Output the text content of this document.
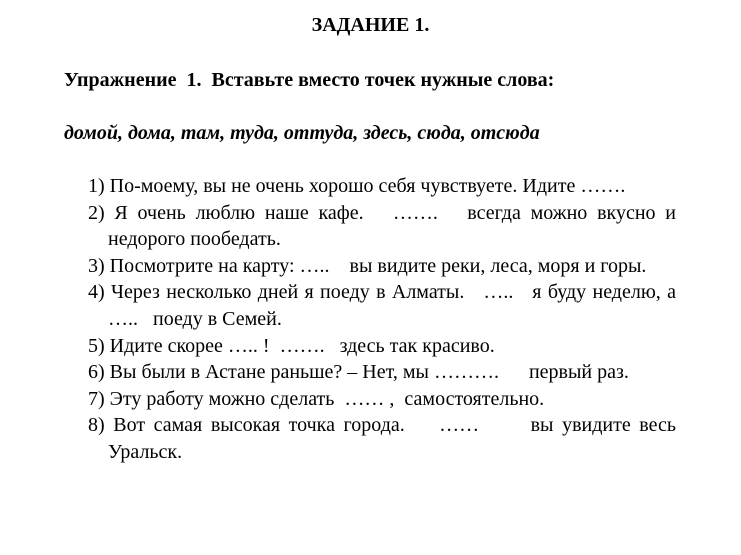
ЗАДАНИЕ 1.

Упражнение  1.  Вставьте вместо точек нужные слова:

домой, дома, там, туда, оттуда, здесь, сюда, отсюда

1) По-моему, вы не очень хорошо себя чувствуете. Идите …….
2) Я очень люблю наше кафе.   …….   всегда можно вкусно и недорого пообедать.
3) Посмотрите на карту: …..    вы видите реки, леса, моря и горы.
4) Через несколько дней я поеду в Алматы.   …..   я буду неделю, а …..   поеду в Семей.
5) Идите скорее ….. !  …….   здесь так красиво.
6) Вы были в Астане раньше? – Нет, мы ……….      первый раз.
7) Эту работу можно сделать  …… ,  самостоятельно.
8) Вот самая высокая точка города.    ……      вы увидите весь Уральск.
